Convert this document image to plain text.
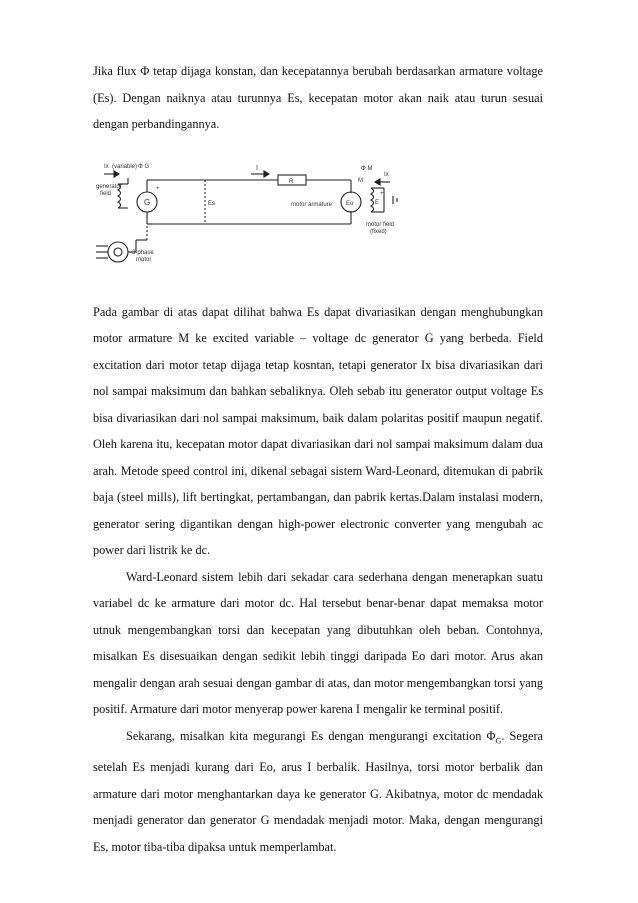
Jika flux Φ tetap dijaga konstan, dan kecepatannya berubah berdasarkan armature voltage (Es). Dengan naiknya atau turunnya Es, kecepatan motor akan naik atau turun sesuai dengan perbandingannya.

Ix (variable) Φ G
generator
field
G
+
Es
I
R
motor armature Eo
M
Φ M
Ix
+
E
motor field
(fixed)
3-phase
motor

Pada gambar di atas dapat dilihat bahwa Es dapat divariasikan dengan menghubungkan motor armature M ke excited variable – voltage dc generator G yang berbeda. Field excitation dari motor tetap dijaga tetap kosntan, tetapi generator Ix bisa divariasikan dari nol sampai maksimum dan bahkan sebaliknya. Oleh sebab itu generator output voltage Es bisa divariasikan dari nol sampai maksimum, baik dalam polaritas positif maupun negatif. Oleh karena itu, kecepatan motor dapat divariasikan dari nol sampai maksimum dalam dua arah. Metode speed control ini, dikenal sebagai sistem Ward-Leonard, ditemukan di pabrik baja (steel mills), lift bertingkat, pertambangan, dan pabrik kertas.Dalam instalasi modern, generator sering digantikan dengan high-power electronic converter yang mengubah ac power dari listrik ke dc.

Ward-Leonard sistem lebih dari sekadar cara sederhana dengan menerapkan suatu variabel dc ke armature dari motor dc. Hal tersebut benar-benar dapat memaksa motor utnuk mengembangkan torsi dan kecepatan yang dibutuhkan oleh beban. Contohnya, misalkan Es disesuaikan dengan sedikit lebih tinggi daripada Eo dari motor. Arus akan mengalir dengan arah sesuai dengan gambar di atas, dan motor mengembangkan torsi yang positif. Armature dari motor menyerap power karena I mengalir ke terminal positif.

Sekarang, misalkan kita megurangi Es dengan mengurangi excitation $\Phi_G$. Segera setelah Es menjadi kurang dari Eo, arus I berbalik. Hasilnya, torsi motor berbalik dan armature dari motor menghantarkan daya ke generator G. Akibatnya, motor dc mendadak menjadi generator dan generator G mendadak menjadi motor. Maka, dengan mengurangi Es, motor tiba-tiba dipaksa untuk memperlambat.
